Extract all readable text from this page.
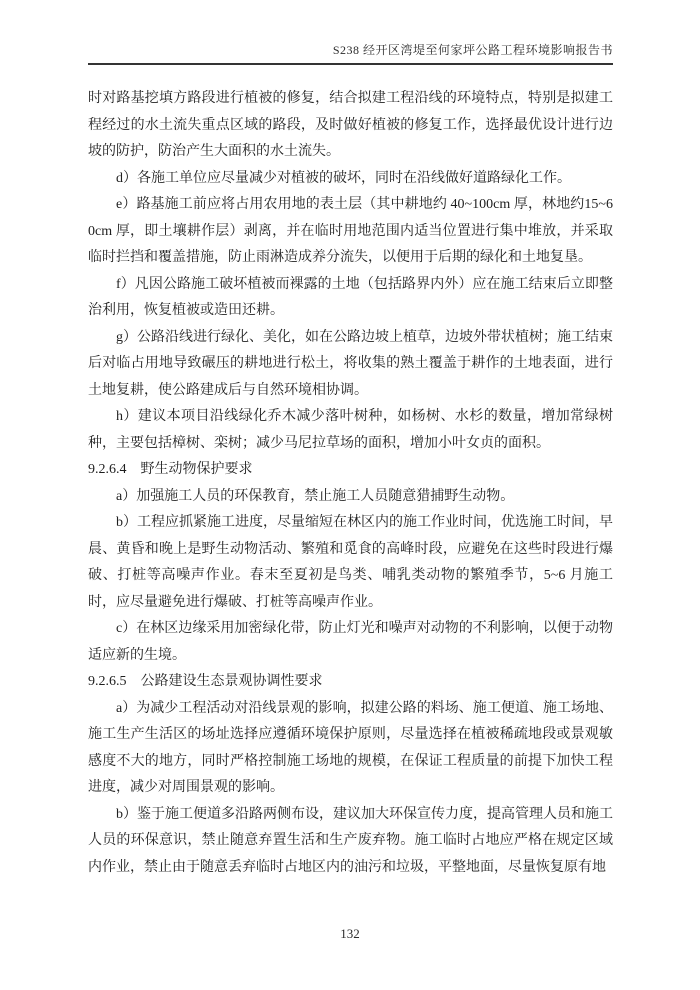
S238 经开区湾堤至何家坪公路工程环境影响报告书

时对路基挖填方路段进行植被的修复，结合拟建工程沿线的环境特点，特别是拟建工程经过的水土流失重点区域的路段，及时做好植被的修复工作，选择最优设计进行边坡的防护，防治产生大面积的水土流失。

d）各施工单位应尽量减少对植被的破坏，同时在沿线做好道路绿化工作。

e）路基施工前应将占用农用地的表土层（其中耕地约 40~100cm 厚，林地约15~60cm 厚，即土壤耕作层）剥离，并在临时用地范围内适当位置进行集中堆放，并采取临时拦挡和覆盖措施，防止雨淋造成养分流失，以便用于后期的绿化和土地复垦。

f）凡因公路施工破坏植被而裸露的土地（包括路界内外）应在施工结束后立即整治利用，恢复植被或造田还耕。

g）公路沿线进行绿化、美化，如在公路边坡上植草，边坡外带状植树；施工结束后对临占用地导致碾压的耕地进行松土，将收集的熟土覆盖于耕作的土地表面，进行土地复耕，使公路建成后与自然环境相协调。

h）建议本项目沿线绿化乔木减少落叶树种，如杨树、水杉的数量，增加常绿树种，主要包括樟树、栾树；减少马尼拉草场的面积，增加小叶女贞的面积。

9.2.6.4 野生动物保护要求

a）加强施工人员的环保教育，禁止施工人员随意猎捕野生动物。

b）工程应抓紧施工进度，尽量缩短在林区内的施工作业时间，优选施工时间，早晨、黄昏和晚上是野生动物活动、繁殖和觅食的高峰时段，应避免在这些时段进行爆破、打桩等高噪声作业。春末至夏初是鸟类、哺乳类动物的繁殖季节，5~6 月施工时，应尽量避免进行爆破、打桩等高噪声作业。

c）在林区边缘采用加密绿化带，防止灯光和噪声对动物的不利影响，以便于动物适应新的生境。

9.2.6.5 公路建设生态景观协调性要求

a）为减少工程活动对沿线景观的影响，拟建公路的料场、施工便道、施工场地、施工生产生活区的场址选择应遵循环境保护原则，尽量选择在植被稀疏地段或景观敏感度不大的地方，同时严格控制施工场地的规模，在保证工程质量的前提下加快工程进度，减少对周围景观的影响。

b）鉴于施工便道多沿路两侧布设，建议加大环保宣传力度，提高管理人员和施工人员的环保意识，禁止随意弃置生活和生产废弃物。施工临时占地应严格在规定区域内作业，禁止由于随意丢弃临时占地区内的油污和垃圾，平整地面，尽量恢复原有地

132
